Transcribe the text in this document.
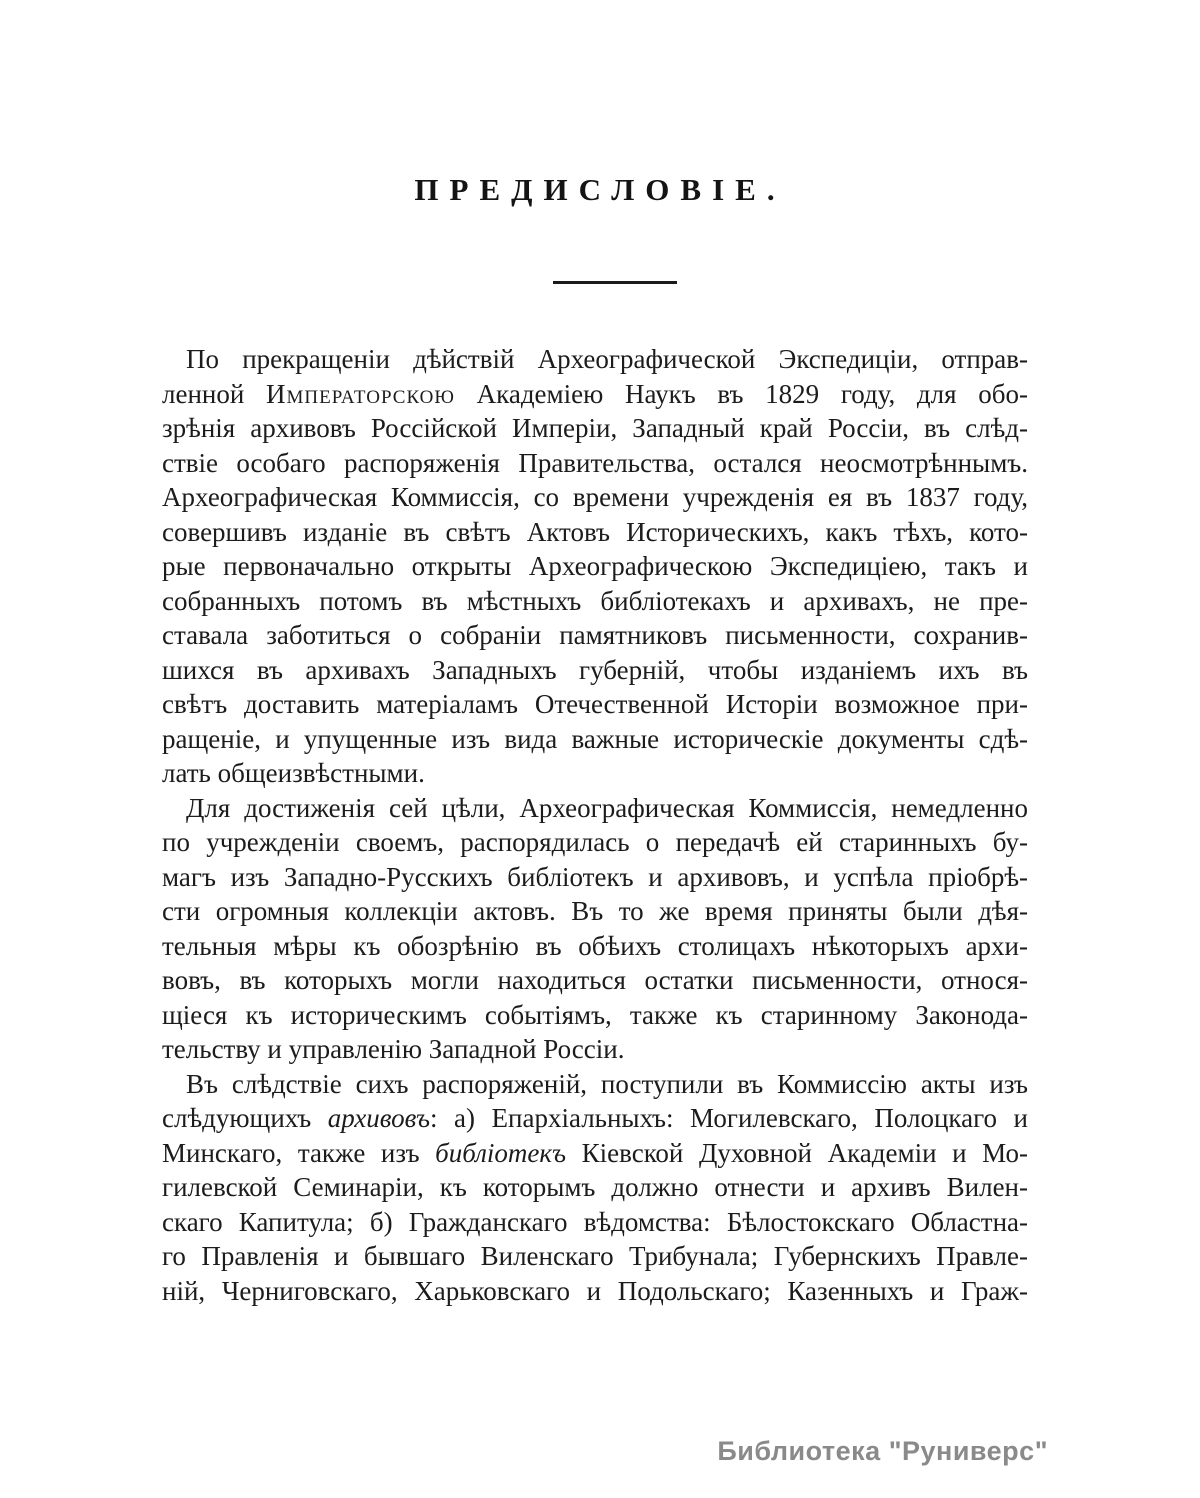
ПРЕДИСЛОВІЕ.
По прекращеніи дѣйствій Археографической Экспедиціи, отправ-
ленной Императорскою Академіею Наукъ въ 1829 году, для обо-
зрѣнія архивовъ Россійской Имперіи, Западный край Россіи, въ слѣд-
ствіе особаго распоряженія Правительства, остался неосмотрѣннымъ.
Археографическая Коммиссія, со времени учрежденія ея въ 1837 году,
совершивъ изданіе въ свѣтъ Актовъ Историческихъ, какъ тѣхъ, кото-
рые первоначально открыты Археографическою Экспедиціею, такъ и
собранныхъ потомъ въ мѣстныхъ библіотекахъ и архивахъ, не пре-
ставала заботиться о собраніи памятниковъ письменности, сохранив-
шихся въ архивахъ Западныхъ губерній, чтобы изданіемъ ихъ въ
свѣтъ доставить матеріаламъ Отечественной Исторіи возможное при-
ращеніе, и упущенные изъ вида важные историческіе документы сдѣ-
лать общеизвѣстными.
Для достиженія сей цѣли, Археографическая Коммиссія, немедленно
по учрежденіи своемъ, распорядилась о передачѣ ей старинныхъ бу-
магъ изъ Западно-Русскихъ библіотекъ и архивовъ, и успѣла пріобрѣ-
сти огромныя коллекціи актовъ. Въ то же время приняты были дѣя-
тельныя мѣры къ обозрѣнію въ обѣихъ столицахъ нѣкоторыхъ архи-
вовъ, въ которыхъ могли находиться остатки письменности, относя-
щіеся къ историческимъ событіямъ, также къ старинному Законода-
тельству и управленію Западной Россіи.
Въ слѣдствіе сихъ распоряженій, поступили въ Коммиссію акты изъ
слѣдующихъ архивовъ: а) Епархіальныхъ: Могилевскаго, Полоцкаго и
Минскаго, также изъ библіотекъ Кіевской Духовной Академіи и Мо-
гилевской Семинаріи, къ которымъ должно отнести и архивъ Вилен-
скаго Капитула; б) Гражданскаго вѣдомства: Бѣлостокскаго Областна-
го Правленія и бывшаго Виленскаго Трибунала; Губернскихъ Правле-
ній, Черниговскаго, Харьковскаго и Подольскаго; Казенныхъ и Граж-
Библиотека "Руниверс"
